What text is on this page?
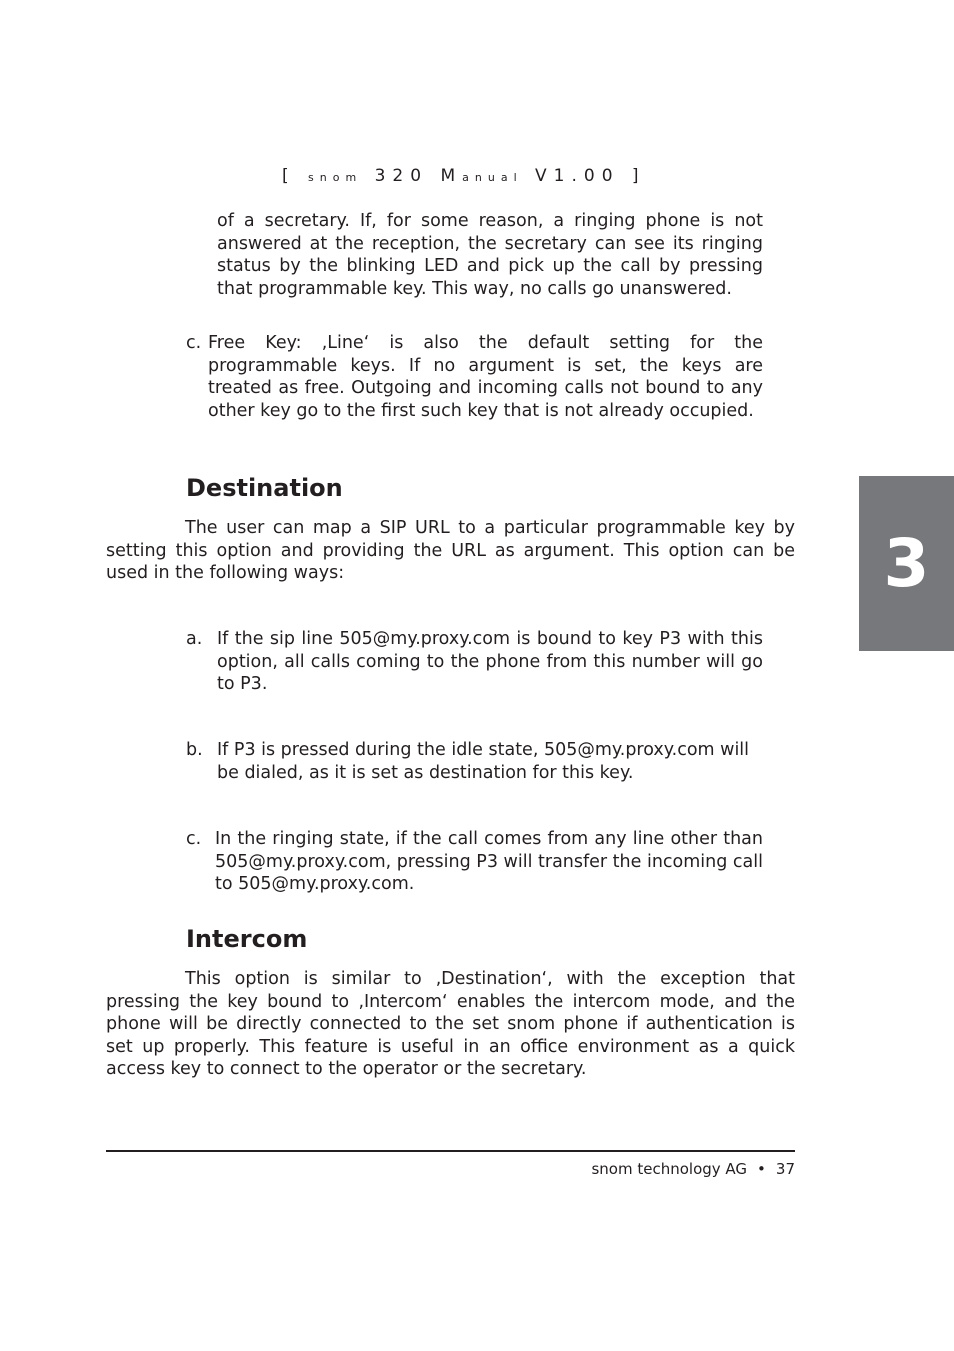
[ snom 320 Manual V1.00 ]

of a secretary. If, for some reason, a ringing phone is not answered at the reception, the secretary can see its ringing status by the blinking LED and pick up the call by pressing that programmable key. This way, no calls go unanswered.

c. Free Key: ‚Line‘ is also the default setting for the programmable keys. If no argument is set, the keys are treated as free. Outgoing and incoming calls not bound to any other key go to the first such key that is not already occupied.
Destination

The user can map a SIP URL to a particular programmable key by setting this option and providing the URL as argument. This option can be used in the following ways:

a. If the sip line 505@my.proxy.com is bound to key P3 with this option, all calls coming to the phone from this number will go to P3.
b. If P3 is pressed during the idle state, 505@my.proxy.com will be dialed, as it is set as destination for this key.
c. In the ringing state, if the call comes from any line other than 505@my.proxy.com, pressing P3 will transfer the incoming call to 505@my.proxy.com.
Intercom

This option is similar to ‚Destination‘, with the exception that pressing the key bound to ‚Intercom‘ enables the intercom mode, and the phone will be directly connected to the set snom phone if authentication is set up properly. This feature is useful in an office environment as a quick access key to connect to the operator or the secretary.

3
snom technology AG • 37
